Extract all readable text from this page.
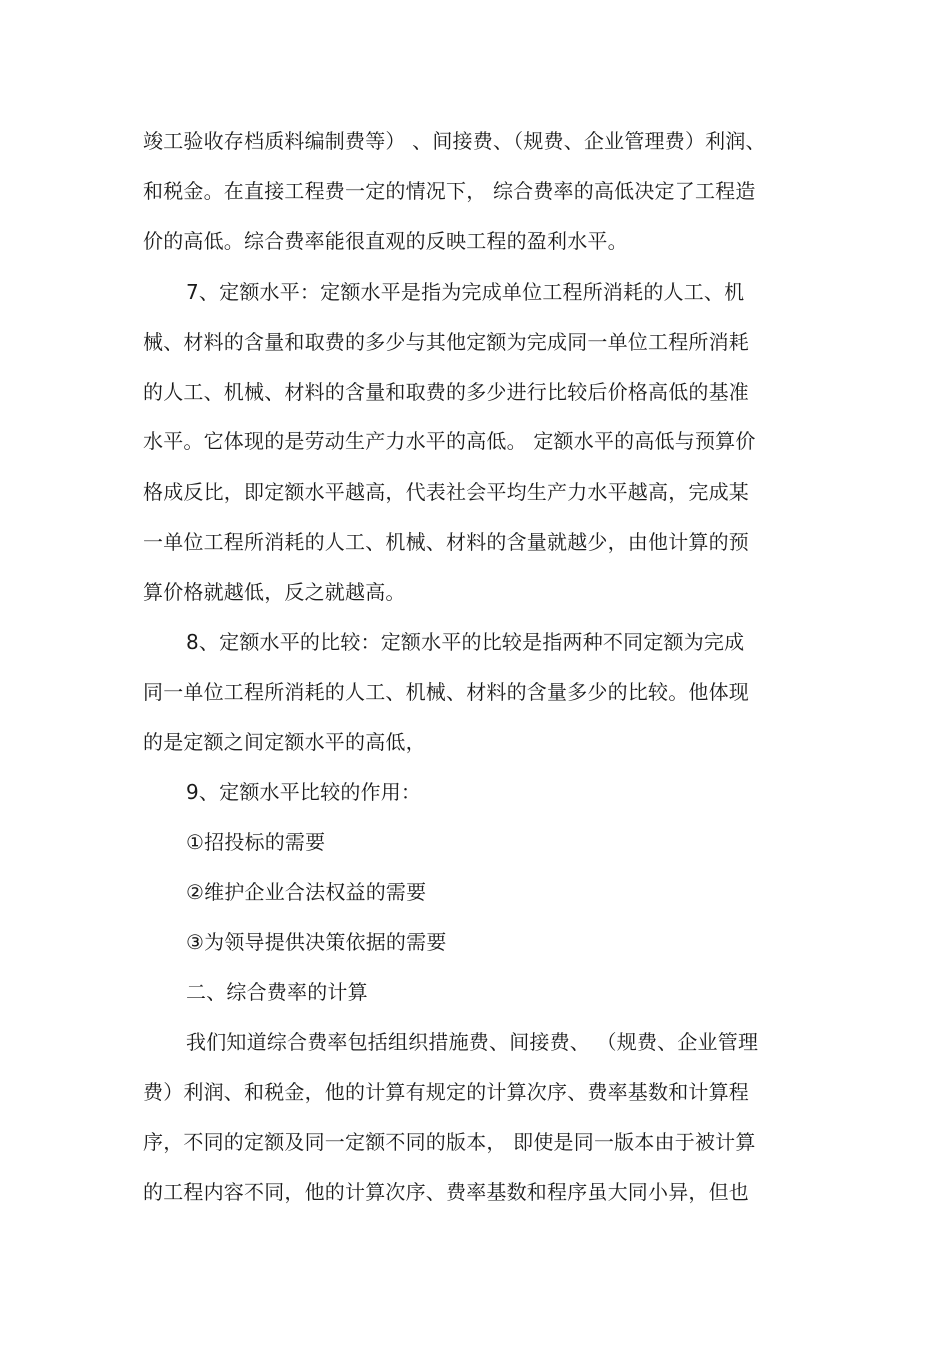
竣工验收存档质料编制费等） 、间接费、（规费、企业管理费）利润、
和税金。在直接工程费一定的情况下， 综合费率的高低决定了工程造
价的高低。综合费率能很直观的反映工程的盈利水平。
7、定额水平：定额水平是指为完成单位工程所消耗的人工、机
械、材料的含量和取费的多少与其他定额为完成同一单位工程所消耗
的人工、机械、材料的含量和取费的多少进行比较后价格高低的基准
水平。它体现的是劳动生产力水平的高低。 定额水平的高低与预算价
格成反比，即定额水平越高，代表社会平均生产力水平越高，完成某
一单位工程所消耗的人工、机械、材料的含量就越少，由他计算的预
算价格就越低，反之就越高。
8、定额水平的比较：定额水平的比较是指两种不同定额为完成
同一单位工程所消耗的人工、机械、材料的含量多少的比较。他体现
的是定额之间定额水平的高低，
9、定额水平比较的作用：
①招投标的需要
②维护企业合法权益的需要
③为领导提供决策依据的需要
二、综合费率的计算
我们知道综合费率包括组织措施费、间接费、 （规费、企业管理
费）利润、和税金，他的计算有规定的计算次序、费率基数和计算程
序，不同的定额及同一定额不同的版本， 即使是同一版本由于被计算
的工程内容不同，他的计算次序、费率基数和程序虽大同小异，但也
